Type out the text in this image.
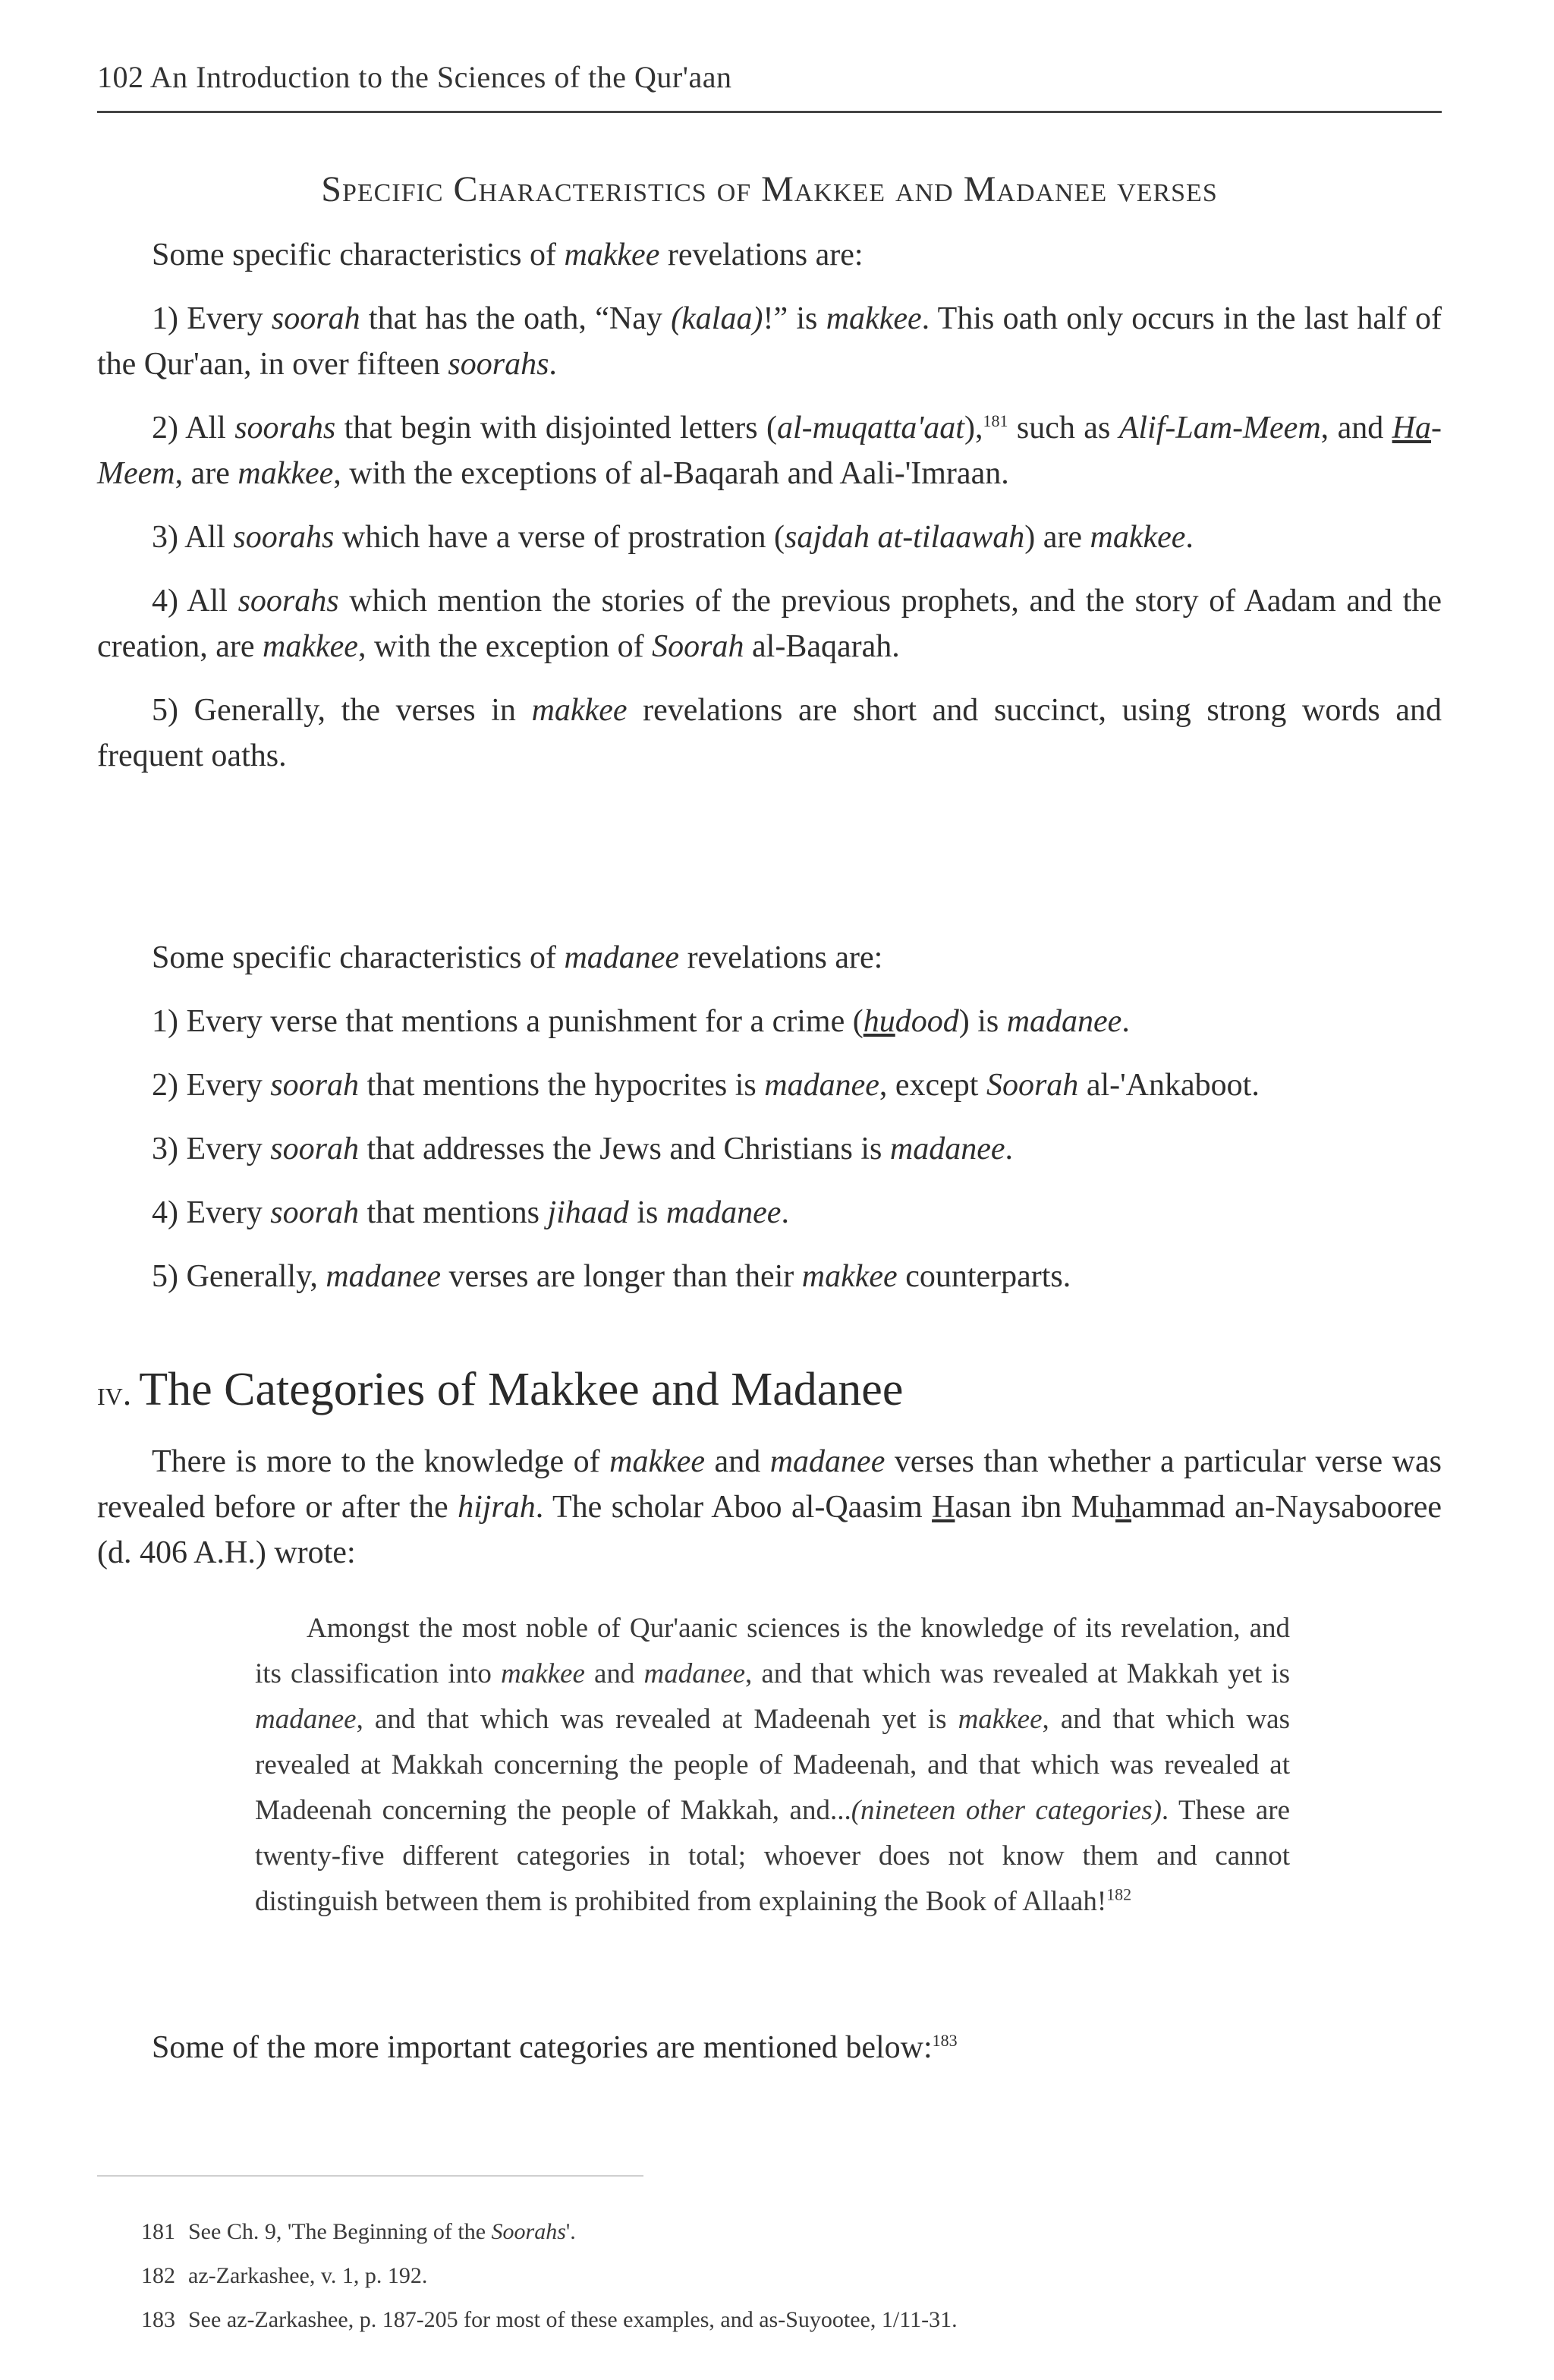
102 An Introduction to the Sciences of the Qur'aan
Specific Characteristics of Makkee and Madanee verses

Some specific characteristics of makkee revelations are:

1) Every soorah that has the oath, “Nay (kalaa)!” is makkee. This oath only occurs in the last half of the Qur'aan, in over fifteen soorahs.

2) All soorahs that begin with disjointed letters (al-muqatta'aat),$^{181}$ such as Alif-Lam-Meem, and Ha-Meem, are makkee, with the exceptions of al-Baqarah and Aali-'Imraan.

3) All soorahs which have a verse of prostration (sajdah at-tilaawah) are makkee.

4) All soorahs which mention the stories of the previous prophets, and the story of Aadam and the creation, are makkee, with the exception of Soorah al-Baqarah.

5) Generally, the verses in makkee revelations are short and succinct, using strong words and frequent oaths.

Some specific characteristics of madanee revelations are:

1) Every verse that mentions a punishment for a crime (hudood) is madanee.

2) Every soorah that mentions the hypocrites is madanee, except Soorah al-'Ankaboot.

3) Every soorah that addresses the Jews and Christians is madanee.

4) Every soorah that mentions jihaad is madanee.

5) Generally, madanee verses are longer than their makkee counterparts.

iv. The Categories of Makkee and Madanee

There is more to the knowledge of makkee and madanee verses than whether a particular verse was revealed before or after the hijrah. The scholar Aboo al-Qaasim Hasan ibn Muhammad an-Naysabooree (d. 406 A.H.) wrote:

Amongst the most noble of Qur'aanic sciences is the knowledge of its revelation, and its classification into makkee and madanee, and that which was revealed at Makkah yet is madanee, and that which was revealed at Madeenah yet is makkee, and that which was revealed at Makkah concerning the people of Madeenah, and that which was revealed at Madeenah concerning the people of Makkah, and...(nineteen other categories). These are twenty-five different categories in total; whoever does not know them and cannot distinguish between them is prohibited from explaining the Book of Allaah!$^{182}$

Some of the more important categories are mentioned below:$^{183}$

181 See Ch. 9, 'The Beginning of the Soorahs'.

182 az-Zarkashee, v. 1, p. 192.

183 See az-Zarkashee, p. 187-205 for most of these examples, and as-Suyootee, 1/11-31.
